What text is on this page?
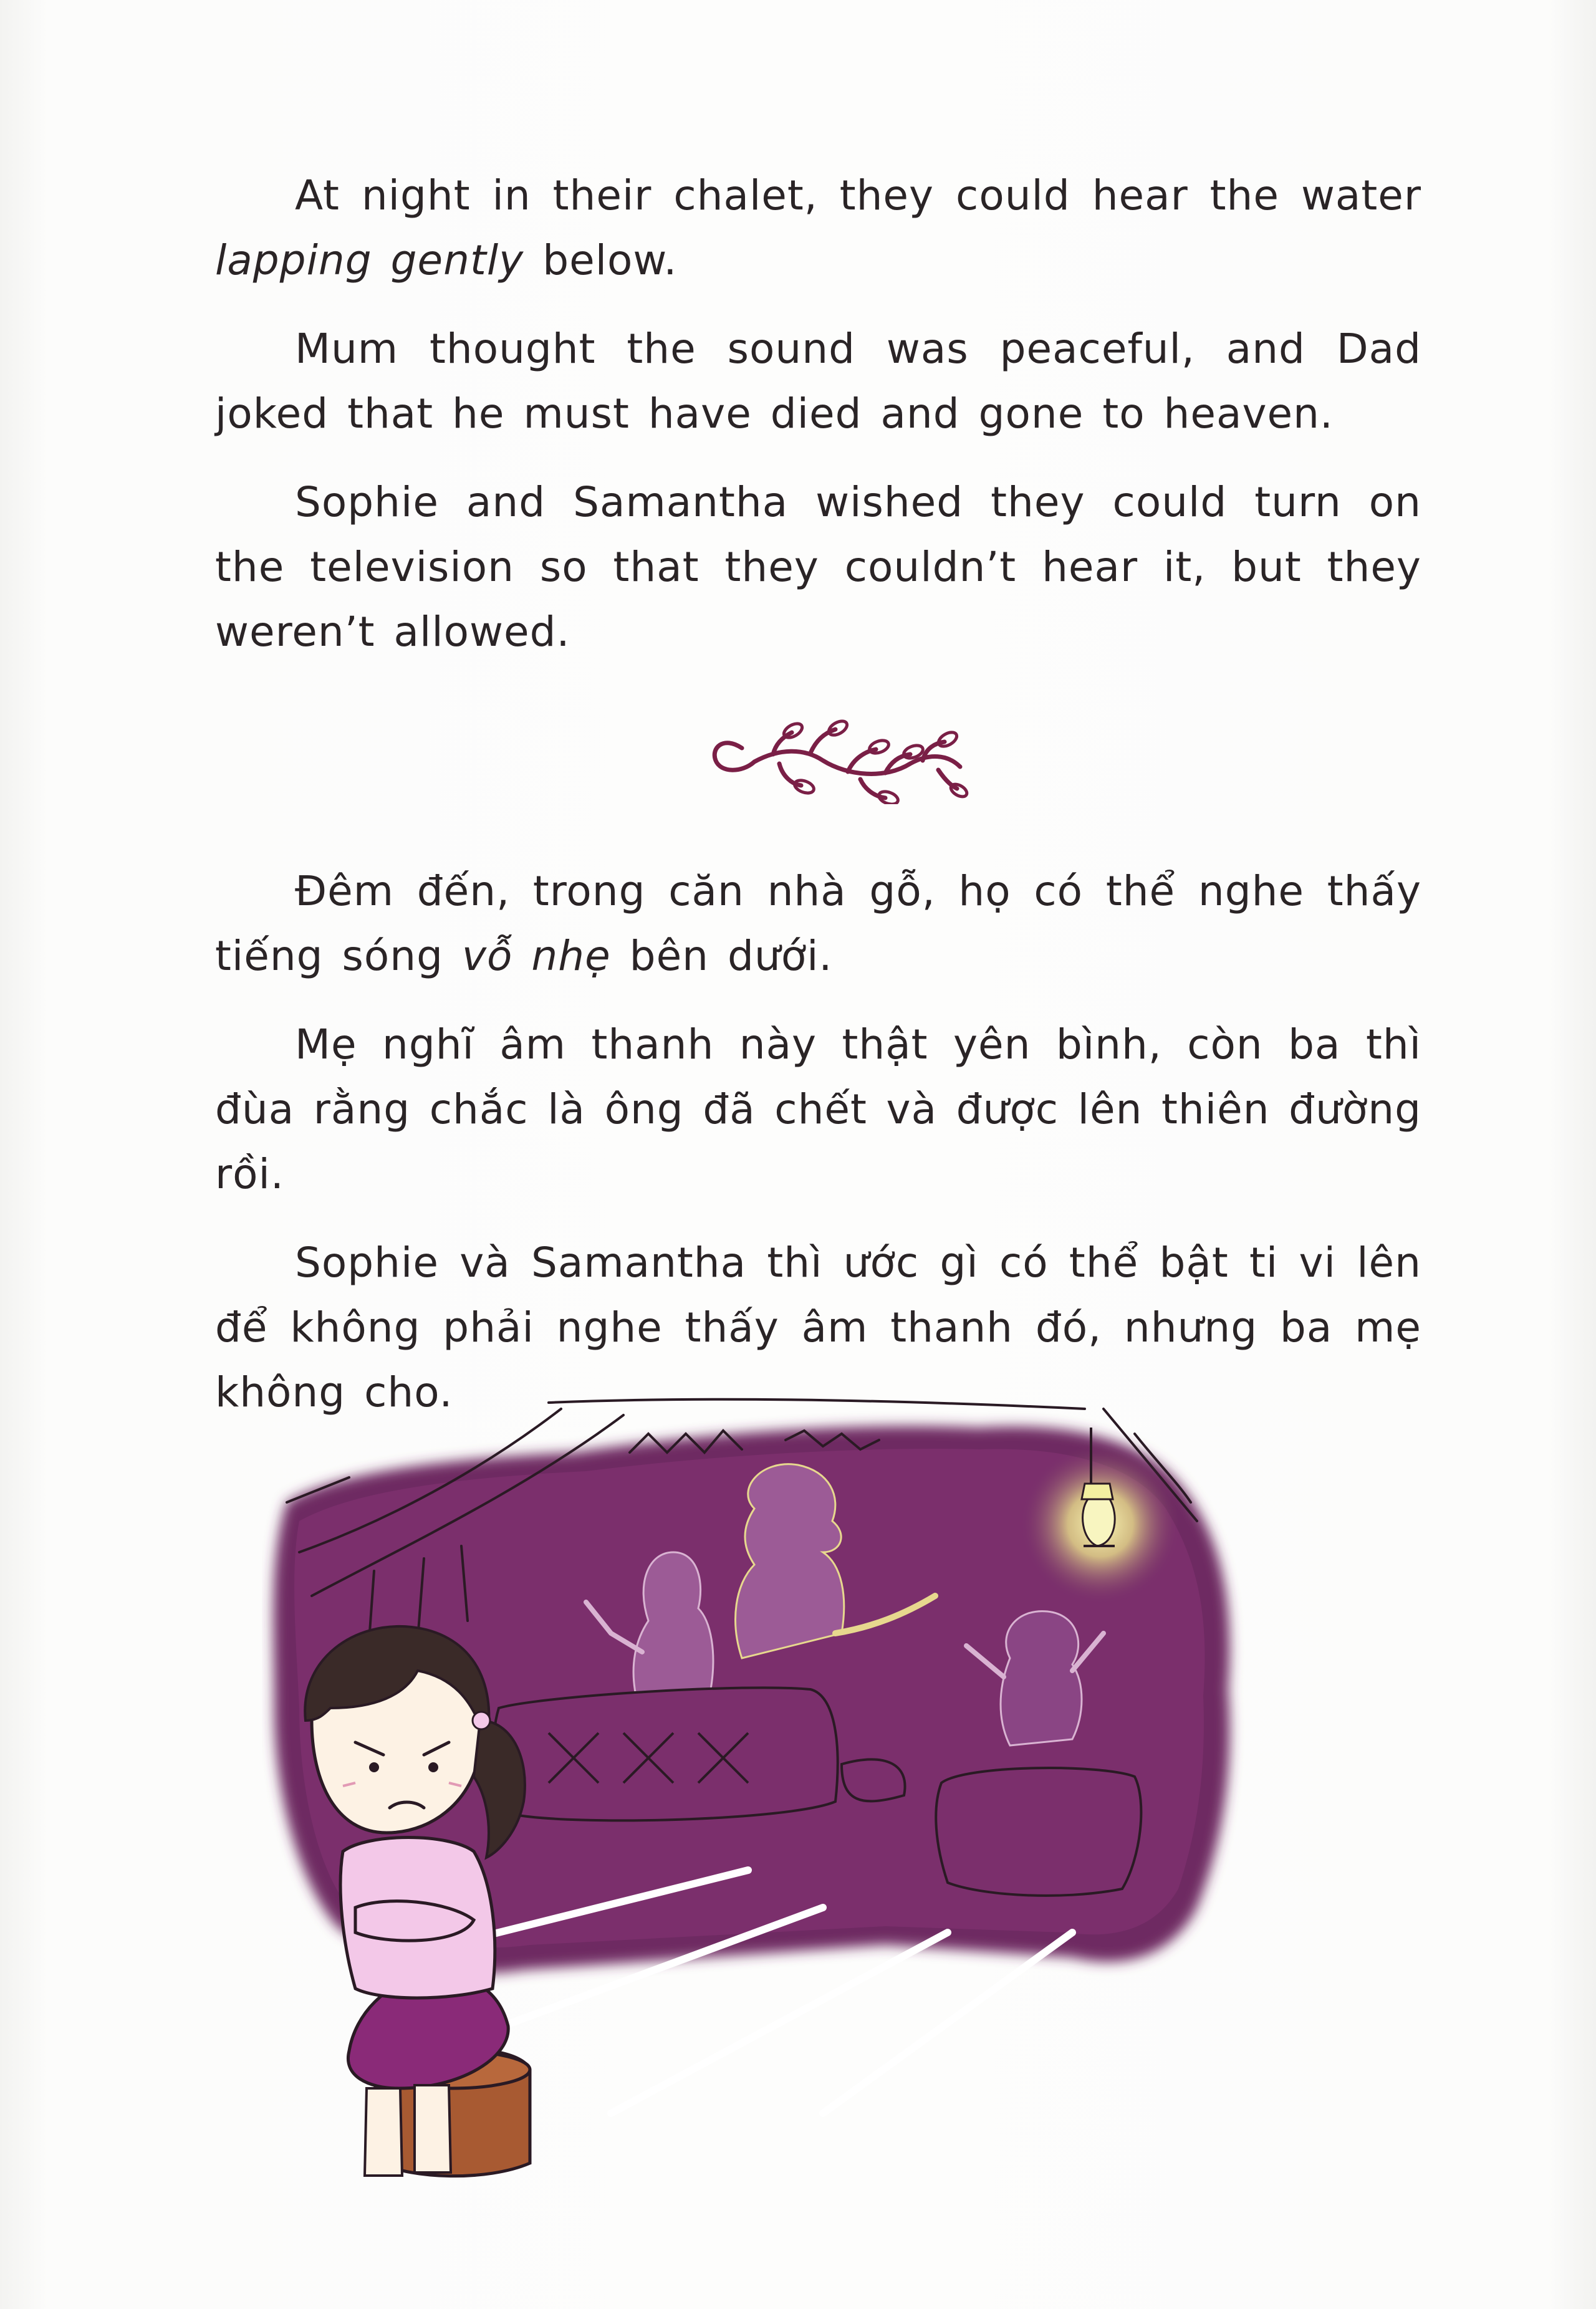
At night in their chalet, they could hear the water lapping gently below.

Mum thought the sound was peaceful, and Dad joked that he must have died and gone to heaven.

Sophie and Samantha wished they could turn on the television so that they couldn’t hear it, but they weren’t allowed.

Đêm đến, trong căn nhà gỗ, họ có thể nghe thấy tiếng sóng vỗ nhẹ bên dưới.

Mẹ nghĩ âm thanh này thật yên bình, còn ba thì đùa rằng chắc là ông đã chết và được lên thiên đường rồi.

Sophie và Samantha thì ước gì có thể bật ti vi lên để không phải nghe thấy âm thanh đó, nhưng ba mẹ không cho.
